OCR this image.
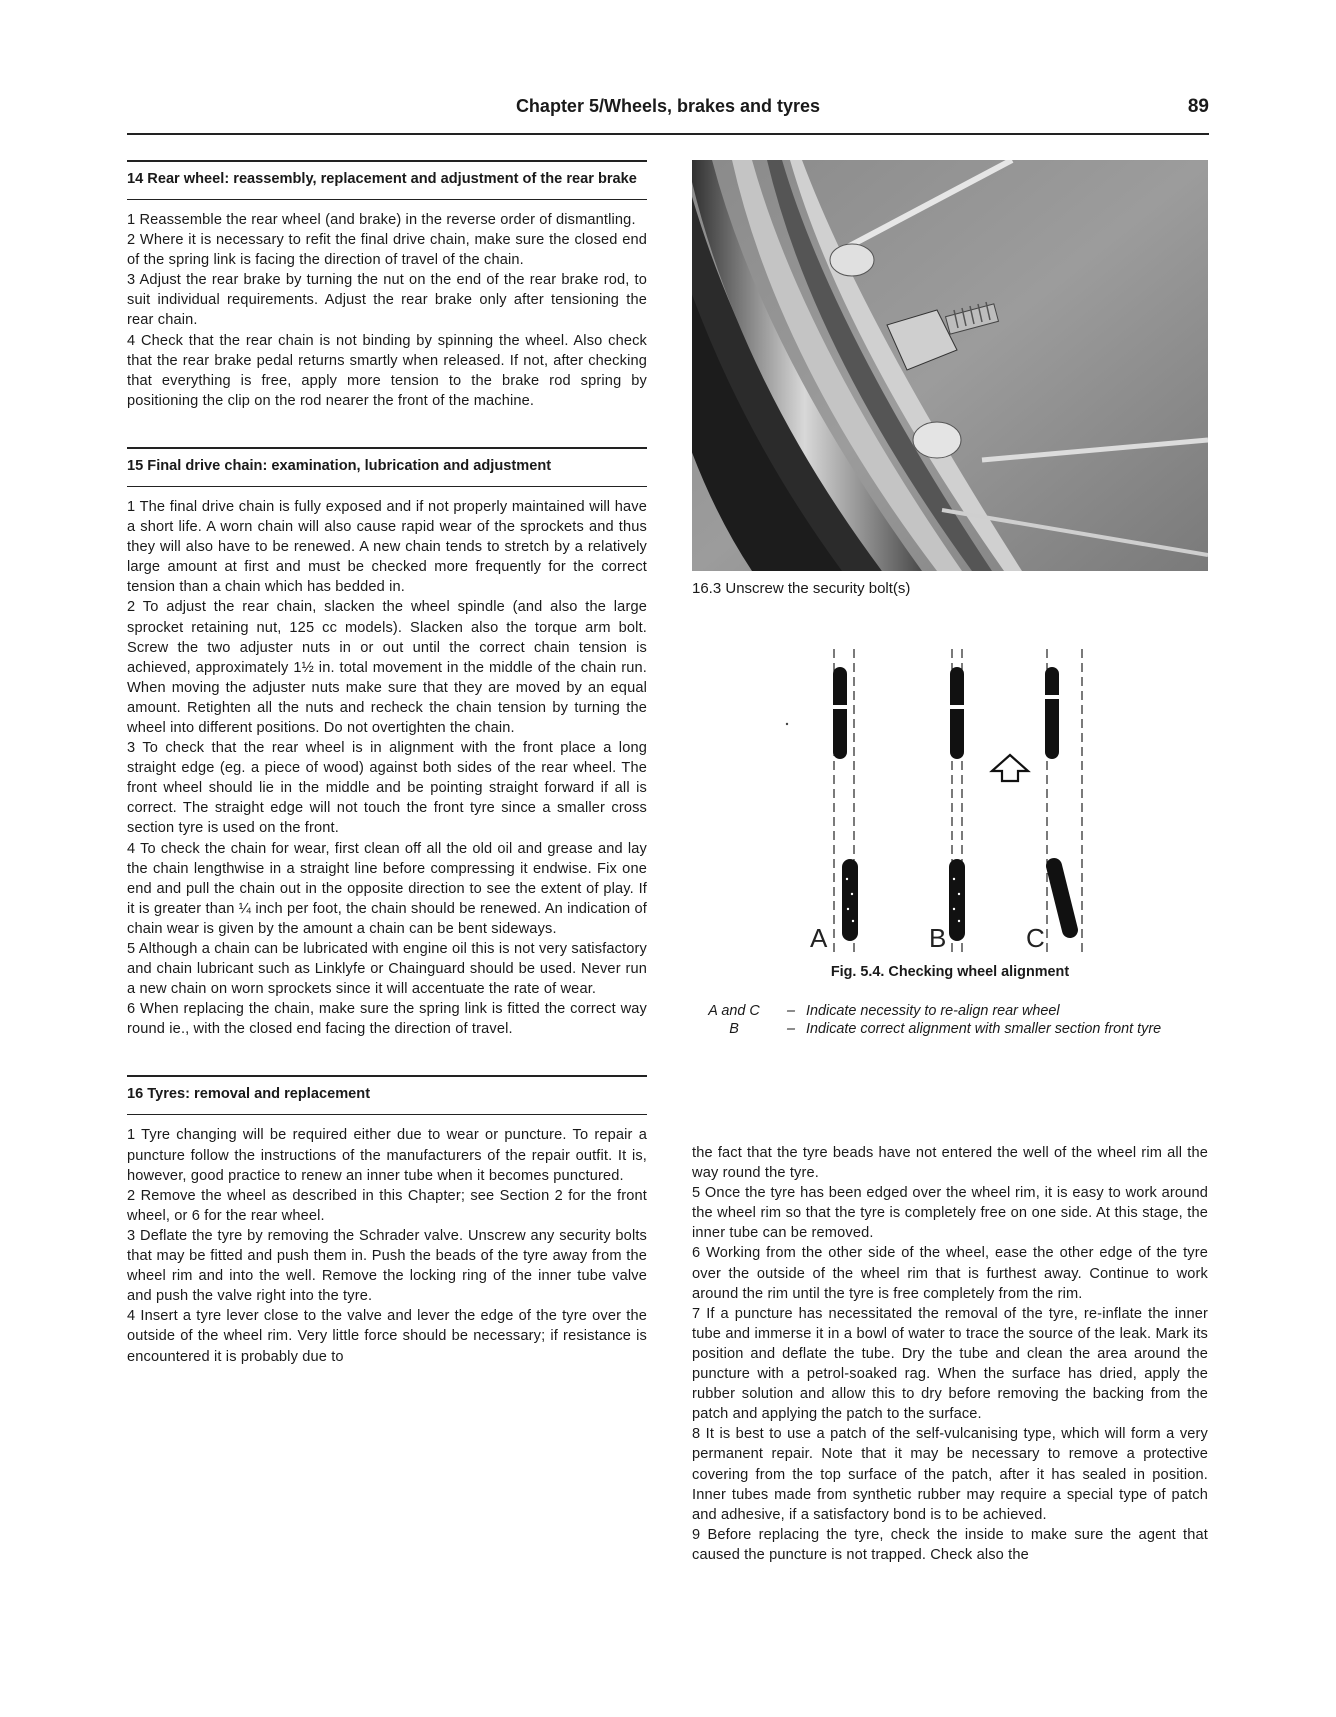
Chapter 5/Wheels, brakes and tyres	89
14 Rear wheel: reassembly, replacement and adjustment of the rear brake

1 Reassemble the rear wheel (and brake) in the reverse order of dismantling.

2 Where it is necessary to refit the final drive chain, make sure the closed end of the spring link is facing the direction of travel of the chain.

3 Adjust the rear brake by turning the nut on the end of the rear brake rod, to suit individual requirements. Adjust the rear brake only after tensioning the rear chain.

4 Check that the rear chain is not binding by spinning the wheel. Also check that the rear brake pedal returns smartly when released. If not, after checking that everything is free, apply more tension to the brake rod spring by positioning the clip on the rod nearer the front of the machine.

15 Final drive chain: examination, lubrication and adjustment

1 The final drive chain is fully exposed and if not properly maintained will have a short life. A worn chain will also cause rapid wear of the sprockets and thus they will also have to be renewed. A new chain tends to stretch by a relatively large amount at first and must be checked more frequently for the correct tension than a chain which has bedded in.

2 To adjust the rear chain, slacken the wheel spindle (and also the large sprocket retaining nut, 125 cc models). Slacken also the torque arm bolt. Screw the two adjuster nuts in or out until the correct chain tension is achieved, approximately 1½ in. total movement in the middle of the chain run. When moving the adjuster nuts make sure that they are moved by an equal amount. Retighten all the nuts and recheck the chain tension by turning the wheel into different positions. Do not overtighten the chain.

3 To check that the rear wheel is in alignment with the front place a long straight edge (eg. a piece of wood) against both sides of the rear wheel. The front wheel should lie in the middle and be pointing straight forward if all is correct. The straight edge will not touch the front tyre since a smaller cross section tyre is used on the front.

4 To check the chain for wear, first clean off all the old oil and grease and lay the chain lengthwise in a straight line before compressing it endwise. Fix one end and pull the chain out in the opposite direction to see the extent of play. If it is greater than ¼ inch per foot, the chain should be renewed. An indication of chain wear is given by the amount a chain can be bent sideways.

5 Although a chain can be lubricated with engine oil this is not very satisfactory and chain lubricant such as Linklyfe or Chainguard should be used. Never run a new chain on worn sprockets since it will accentuate the rate of wear.

6 When replacing the chain, make sure the spring link is fitted the correct way round ie., with the closed end facing the direction of travel.

16 Tyres: removal and replacement

1 Tyre changing will be required either due to wear or puncture. To repair a puncture follow the instructions of the manufacturers of the repair outfit. It is, however, good practice to renew an inner tube when it becomes punctured.

2 Remove the wheel as described in this Chapter; see Section 2 for the front wheel, or 6 for the rear wheel.

3 Deflate the tyre by removing the Schrader valve. Unscrew any security bolts that may be fitted and push them in. Push the beads of the tyre away from the wheel rim and into the well. Remove the locking ring of the inner tube valve and push the valve right into the tyre.

4 Insert a tyre lever close to the valve and lever the edge of the tyre over the outside of the wheel rim. Very little force should be necessary; if resistance is encountered it is probably due to

16.3 Unscrew the security bolt(s)

A	B	C

Fig. 5.4. Checking wheel alignment

A and C	– Indicate necessity to re-align rear wheel
B	– Indicate correct alignment with smaller section front tyre

the fact that the tyre beads have not entered the well of the wheel rim all the way round the tyre.

5 Once the tyre has been edged over the wheel rim, it is easy to work around the wheel rim so that the tyre is completely free on one side. At this stage, the inner tube can be removed.

6 Working from the other side of the wheel, ease the other edge of the tyre over the outside of the wheel rim that is furthest away. Continue to work around the rim until the tyre is free completely from the rim.

7 If a puncture has necessitated the removal of the tyre, re-inflate the inner tube and immerse it in a bowl of water to trace the source of the leak. Mark its position and deflate the tube. Dry the tube and clean the area around the puncture with a petrol-soaked rag. When the surface has dried, apply the rubber solution and allow this to dry before removing the backing from the patch and applying the patch to the surface.

8 It is best to use a patch of the self-vulcanising type, which will form a very permanent repair. Note that it may be necessary to remove a protective covering from the top surface of the patch, after it has sealed in position. Inner tubes made from synthetic rubber may require a special type of patch and adhesive, if a satisfactory bond is to be achieved.

9 Before replacing the tyre, check the inside to make sure the agent that caused the puncture is not trapped. Check also the
